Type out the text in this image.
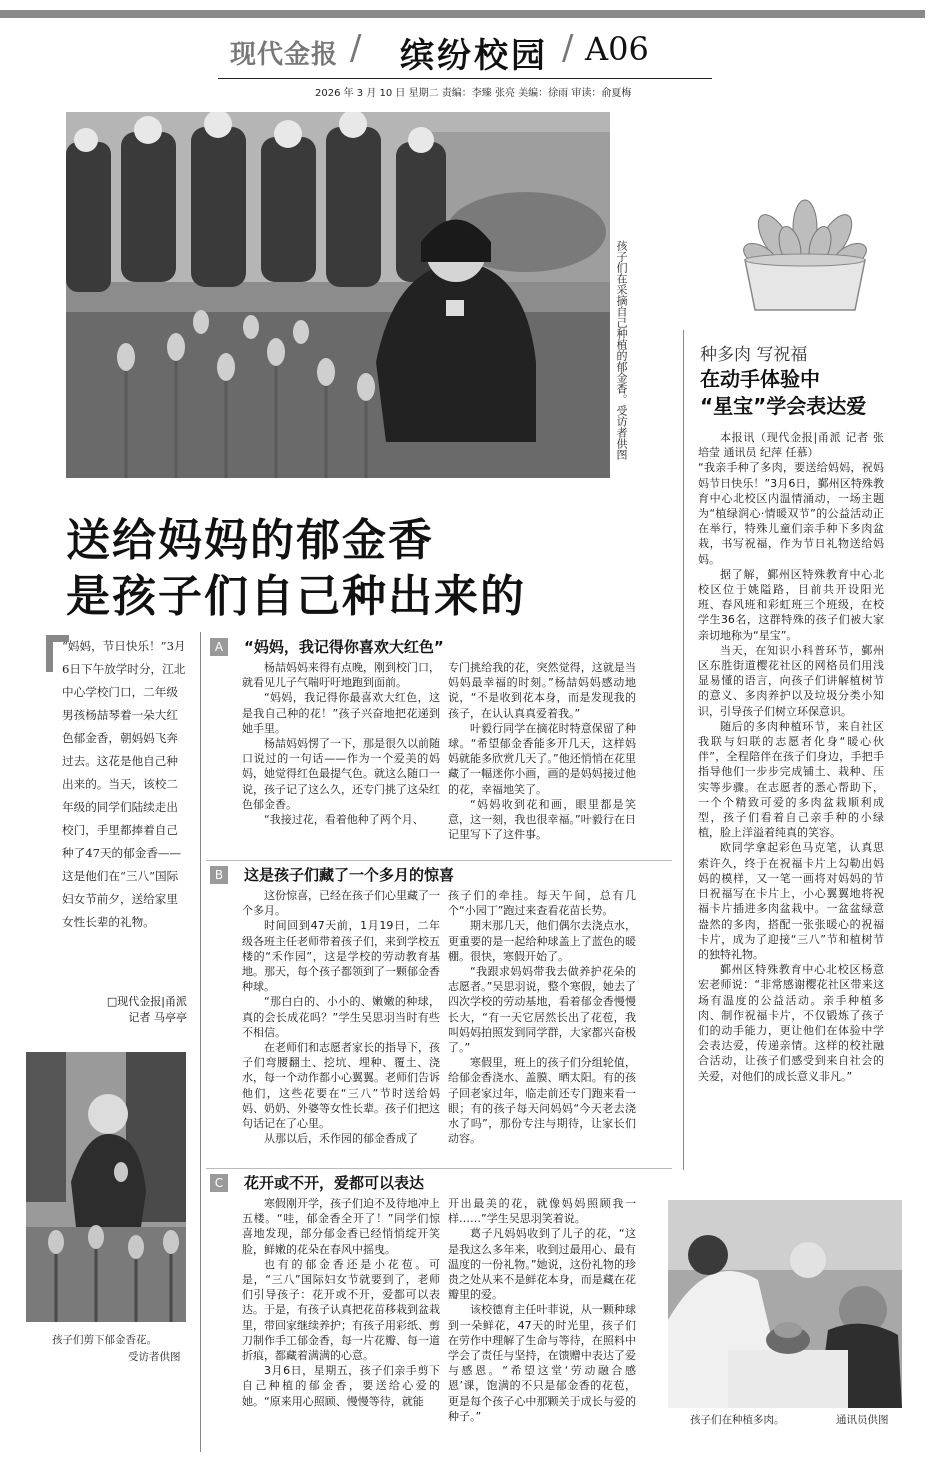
现代金报 / 缤纷校园 / A06
2026 年 3 月 10 日 星期二 责编：李臻 张亮 美编：徐雨 审读：俞夏梅
孩子们在采摘自己种植的郁金香。受访者供图
送给妈妈的郁金香
是孩子们自己种出来的
“妈妈，节日快乐！”3月6日下午放学时分，江北中心学校门口，二年级男孩杨喆琴着一朵大红色郁金香，朝妈妈飞奔过去。这花是他自己种出来的。当天，该校二年级的同学们陆续走出校门，手里都捧着自己种了47天的郁金香——这是他们在“三八”国际妇女节前夕，送给家里女性长辈的礼物。
□现代金报|甬派
记者 马亭亭
孩子们剪下郁金香花。
受访者供图
A	“妈妈，我记得你喜欢大红色”

杨喆妈妈来得有点晚，刚到校门口，就看见儿子气喘吁吁地跑到面前。

“妈妈，我记得你最喜欢大红色，这是我自己种的花！”孩子兴奋地把花递到她手里。

杨喆妈妈愣了一下，那是很久以前随口说过的一句话——作为一个爱美的妈妈，她觉得红色最提气色。就这么随口一说，孩子记了这么久，还专门挑了这朵红色郁金香。

“我接过花，看着他种了两个月、

专门挑给我的花，突然觉得，这就是当妈妈最幸福的时刻。”杨喆妈妈感动地说，“不是收到花本身，而是发现我的孩子，在认认真真爱着我。”

叶毅行同学在摘花时特意保留了种球。“希望郁金香能多开几天，这样妈妈就能多欣赏几天了。”他还悄悄在花里藏了一幅迷你小画，画的是妈妈接过他的花，幸福地笑了。

“妈妈收到花和画，眼里都是笑意，这一刻，我也很幸福。”叶毅行在日记里写下了这件事。

B	这是孩子们藏了一个多月的惊喜

这份惊喜，已经在孩子们心里藏了一个多月。

时间回到47天前，1月19日，二年级各班主任老师带着孩子们，来到学校五楼的“禾作园”，这是学校的劳动教育基地。那天，每个孩子都领到了一颗郁金香种球。

“那白白的、小小的、嫩嫩的种球，真的会长成花吗？”学生吴思羽当时有些不相信。

在老师们和志愿者家长的指导下，孩子们弯腰翻土、挖坑、埋种、覆土、浇水，每一个动作都小心翼翼。老师们告诉他们，这些花要在“三八”节时送给妈妈、奶奶、外婆等女性长辈。孩子们把这句话记在了心里。

从那以后，禾作园的郁金香成了

孩子们的牵挂。每天午间，总有几个“小园丁”跑过来查看花苗长势。

期末那几天，他们偶尔去浇点水，更重要的是一起给种球盖上了蓝色的暖棚。很快，寒假开始了。

“我跟求妈妈带我去做养护花朵的志愿者。”吴思羽说，整个寒假，她去了四次学校的劳动基地，看着郁金香慢慢长大，“有一天它居然长出了花苞，我叫妈妈拍照发到同学群，大家都兴奋极了。”

寒假里，班上的孩子们分组轮值，给郁金香浇水、盖膜、晒太阳。有的孩子回老家过年，临走前还专门跑来看一眼；有的孩子每天问妈妈“今天老去浇水了吗”，那份专注与期待，让家长们动容。

C	花开或不开，爱都可以表达

寒假刚开学，孩子们迫不及待地冲上五楼。“哇，郁金香全开了！”同学们惊喜地发现，部分郁金香已经悄悄绽开笑脸，鲜嫩的花朵在春风中摇曳。

也有的郁金香还是小花苞。可是，“三八”国际妇女节就要到了，老师们引导孩子：花开或不开，爱都可以表达。于是，有孩子认真把花苗移栽到盆栽里，带回家继续养护；有孩子用彩纸、剪刀制作手工郁金香，每一片花瓣、每一道折痕，都藏着满满的心意。

3月6日，星期五，孩子们亲手剪下自己种植的郁金香，要送给心爱的她。“原来用心照顾、慢慢等待，就能

开出最美的花，就像妈妈照顾我一样……”学生吴思羽笑着说。

葛子凡妈妈收到了儿子的花，“这是我这么多年来，收到过最用心、最有温度的一份礼物。”她说，这份礼物的珍贵之处从来不是鲜花本身，而是藏在花瓣里的爱。

该校德育主任叶菲说，从一颗种球到一朵鲜花，47天的时光里，孩子们在劳作中理解了生命与等待，在照料中学会了责任与坚持，在馈赠中表达了爱与感恩。“希望这堂‘劳动融合感恩’课，饱满的不只是郁金香的花苞，更是每个孩子心中那颗关于成长与爱的种子。”

种多肉 写祝福
在动手体验中
“星宝”学会表达爱

本报讯（现代金报|甬派 记者 张培莹 通讯员 纪萍 任慕）

“我亲手种了多肉，要送给妈妈，祝妈妈节日快乐！”3月6日，鄞州区特殊教育中心北校区内温情涌动，一场主题为“植绿润心·情暖双节”的公益活动正在举行，特殊儿童们亲手种下多肉盆栽，书写祝福，作为节日礼物送给妈妈。

据了解，鄞州区特殊教育中心北校区位于姚隘路，目前共开设阳光班、春风班和彩虹班三个班级，在校学生36名，这群特殊的孩子们被大家亲切地称为“星宝”。

当天，在知识小科普环节，鄞州区东胜街道樱花社区的网格员们用浅显易懂的语言，向孩子们讲解植树节的意义、多肉养护以及垃圾分类小知识，引导孩子们树立环保意识。

随后的多肉种植环节，来自社区我联与妇联的志愿者化身“暖心伙伴”，全程陪伴在孩子们身边，手把手指导他们一步步完成铺土、栽种、压实等步骤。在志愿者的悉心帮助下，一个个精致可爱的多肉盆栽顺利成型，孩子们看着自己亲手种的小绿植，脸上洋溢着纯真的笑容。

欧同学拿起彩色马克笔，认真思索许久，终于在祝福卡片上勾勒出妈妈的模样，又一笔一画将对妈妈的节日祝福写在卡片上，小心翼翼地将祝福卡片插进多肉盆栽中。一盆盆绿意盎然的多肉，搭配一张张暖心的祝福卡片，成为了迎接“三八”节和植树节的独特礼物。

鄞州区特殊教育中心北校区杨意宏老师说：“非常感谢樱花社区带来这场有温度的公益活动。亲手种植多肉、制作祝福卡片，不仅锻炼了孩子们的动手能力，更让他们在体验中学会表达爱，传递亲情。这样的校社融合活动，让孩子们感受到来自社会的关爱，对他们的成长意义非凡。”

孩子们在种植多肉。	通讯员供图
